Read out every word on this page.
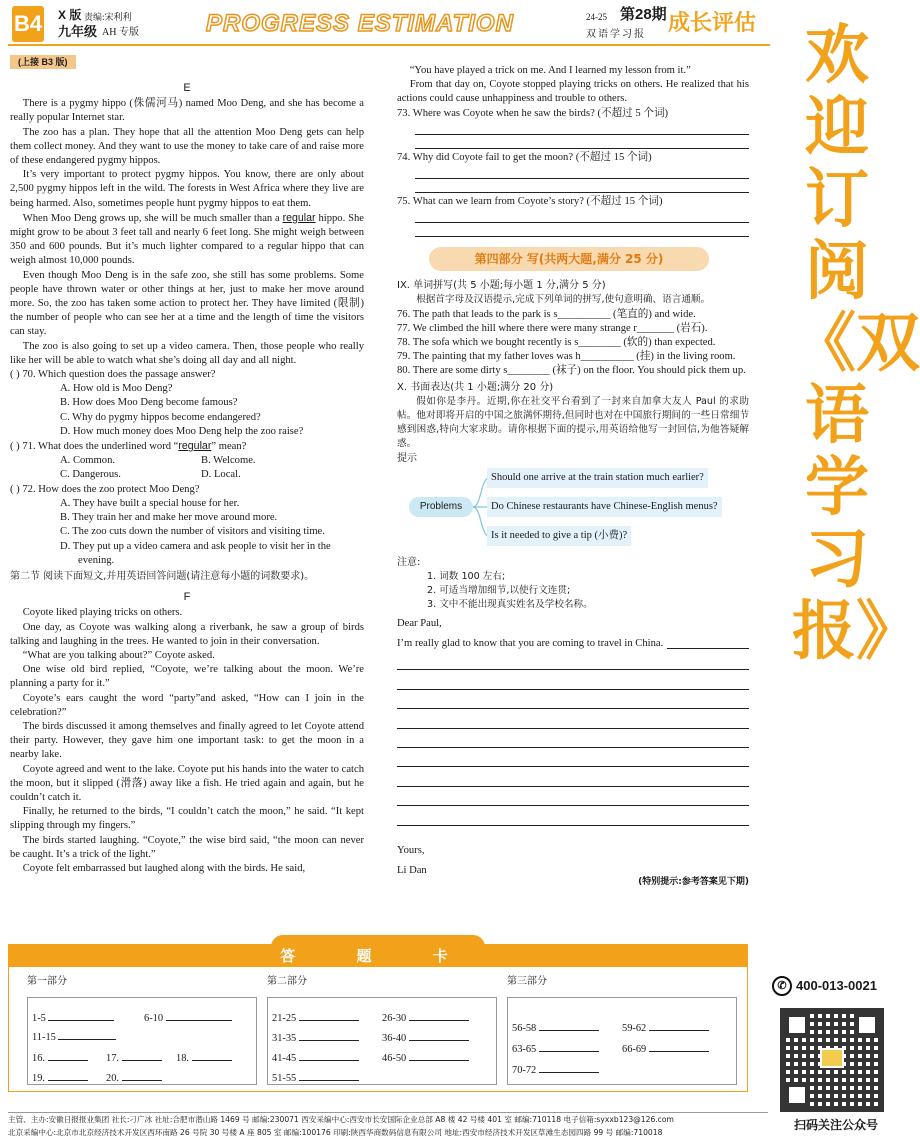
B4 X 版 责编:宋利利
九年级 AH 专版	PROGRESS ESTIMATION	24-25 第28期
双语学习报 成长评估 欢迎订阅《双语学习报》
✆ 400-013-0021
扫码关注公众号
(上接 B3 版)
E

There is a pygmy hippo (侏儒河马) named Moo Deng, and she has become a really popular Internet star.

The zoo has a plan. They hope that all the attention Moo Deng gets can help them collect money. And they want to use the money to take care of and raise more of these endangered pygmy hippos.

It’s very important to protect pygmy hippos. You know, there are only about 2,500 pygmy hippos left in the wild. The forests in West Africa where they live are being harmed. Also, sometimes people hunt pygmy hippos to eat them.

When Moo Deng grows up, she will be much smaller than a regular hippo. She might grow to be about 3 feet tall and nearly 6 feet long. She might weigh between 350 and 600 pounds. But it’s much lighter compared to a regular hippo that can weigh almost 10,000 pounds.

Even though Moo Deng is in the safe zoo, she still has some problems. Some people have thrown water or other things at her, just to make her move around more. So, the zoo has taken some action to protect her. They have limited (限制) the number of people who can see her at a time and the length of time the visitors can stay.

The zoo is also going to set up a video camera. Then, those people who really like her will be able to watch what she’s doing all day and all night.

( ) 70. Which question does the passage answer?
A. How old is Moo Deng?
B. How does Moo Deng become famous?
C. Why do pygmy hippos become endangered?
D. How much money does Moo Deng help the zoo raise?
( ) 71. What does the underlined word “regular” mean?
A. Common.	B. Welcome.
C. Dangerous.	D. Local.
( ) 72. How does the zoo protect Moo Deng?
A. They have built a special house for her.
B. They train her and make her move around more.
C. The zoo cuts down the number of visitors and visiting time.
D. They put up a video camera and ask people to visit her in the evening.
第二节 阅读下面短文,并用英语回答问题(请注意每小题的词数要求)。
F

Coyote liked playing tricks on others.

One day, as Coyote was walking along a riverbank, he saw a group of birds talking and laughing in the trees. He wanted to join in their conversation.

“What are you talking about?” Coyote asked.

One wise old bird replied, “Coyote, we’re talking about the moon. We’re planning a party for it.”

Coyote’s ears caught the word “party”and asked, “How can I join in the celebration?”

The birds discussed it among themselves and finally agreed to let Coyote attend their party. However, they gave him one important task: to get the moon in a nearby lake.

Coyote agreed and went to the lake. Coyote put his hands into the water to catch the moon, but it slipped (滑落) away like a fish. He tried again and again, but he couldn’t catch it.

Finally, he returned to the birds, “I couldn’t catch the moon,” he said. “It kept slipping through my fingers.”

The birds started laughing. “Coyote,” the wise bird said, “the moon can never be caught. It’s a trick of the light.”

Coyote felt embarrassed but laughed along with the birds. He said,

“You have played a trick on me. And I learned my lesson from it.”

From that day on, Coyote stopped playing tricks on others. He realized that his actions could cause unhappiness and trouble to others.

73. Where was Coyote when he saw the birds? (不超过 5 个词)
74. Why did Coyote fail to get the moon? (不超过 15 个词)
75. What can we learn from Coyote’s story? (不超过 15 个词)
第四部分 写(共两大题,满分 25 分)
IX. 单词拼写(共 5 小题;每小题 1 分,满分 5 分)

根据首字母及汉语提示,完成下列单词的拼写,使句意明确、语言通顺。

76. The path that leads to the park is s__________ (笔直的) and wide.
77. We climbed the hill where there were many strange r_______ (岩石).
78. The sofa which we bought recently is s________ (软的) than expected.
79. The painting that my father loves was h__________ (挂) in the living room.
80. There are some dirty s________ (袜子) on the floor. You should pick them up.
X. 书面表达(共 1 小题;满分 20 分)

假如你是李丹。近期,你在社交平台看到了一封来自加拿大友人 Paul 的求助帖。他对即将开启的中国之旅满怀期待,但同时也对在中国旅行期间的一些日常细节感到困惑,特向大家求助。请你根据下面的提示,用英语给他写一封回信,为他答疑解惑。

提示
Problems
Should one arrive at the train station much earlier?
Do Chinese restaurants have Chinese-English menus?
Is it needed to give a tip (小费)?
注意:
1. 词数 100 左右;
2. 可适当增加细节,以使行文连贯;
3. 文中不能出现真实姓名及学校名称。
Dear Paul,
I’m really glad to know that you are coming to travel in China.
Yours,
Li Dan
(特别提示:参考答案见下期)
答 题 卡
第一部分	第二部分	第三部分
1-5	6-10
11-15
16.	17.	18.
19.	20.
21-25	26-30
31-35	36-40
41-45	46-50
51-55
56-58	59-62
63-65	66-69
70-72
主管、主办:安徽日报报业集团 社长:刁广冰 社址:合肥市潜山路 1469 号 邮编:230071 西安采编中心:西安市长安国际企业总部 A8 楼 42 号楼 401 室 邮编:710118 电子信箱:syxxb123@126.com
北京采编中心:北京市北京经济技术开发区西环南路 26 号院 30 号楼 A 座 805 室 邮编:100176 印刷:陕西华商数码信息有限公司 地址:西安市经济技术开发区草滩生态园四路 99 号 邮编:710018
